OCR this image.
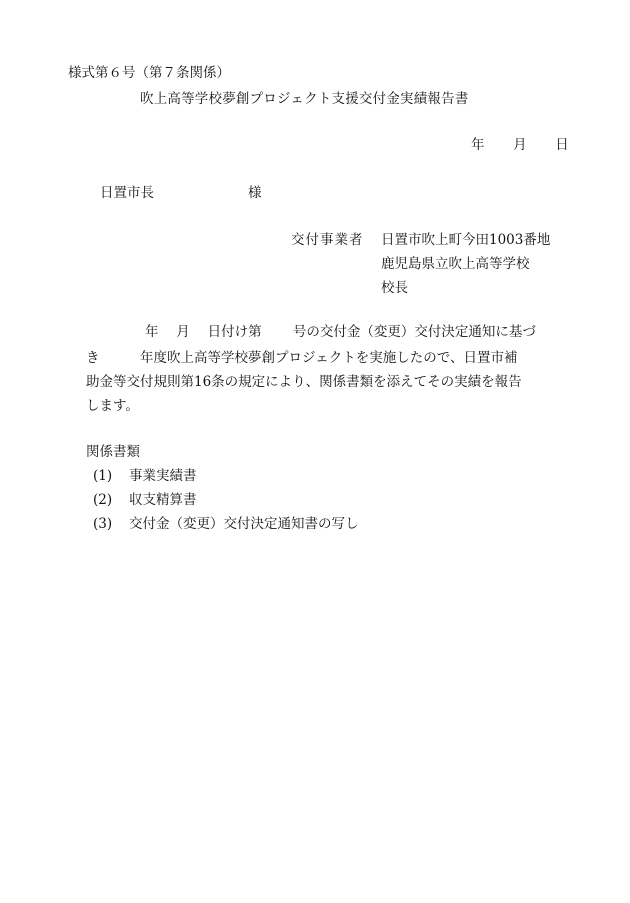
様式第６号（第７条関係）
吹上高等学校夢創プロジェクト支援交付金実績報告書
年 月 日
日置市長	様
交付事業者 日置市吹上町今田1003番地
鹿児島県立吹上高等学校
校長
年　 月 　日付け第　　 号の交付金（変更）交付決定通知に基づ
き　　　年度吹上高等学校夢創プロジェクトを実施したので、日置市補
助金等交付規則第16条の規定により、関係書類を添えてその実績を報告
します。
関係書類
(1) 事業実績書
(2) 収支精算書
(3) 交付金（変更）交付決定通知書の写し
